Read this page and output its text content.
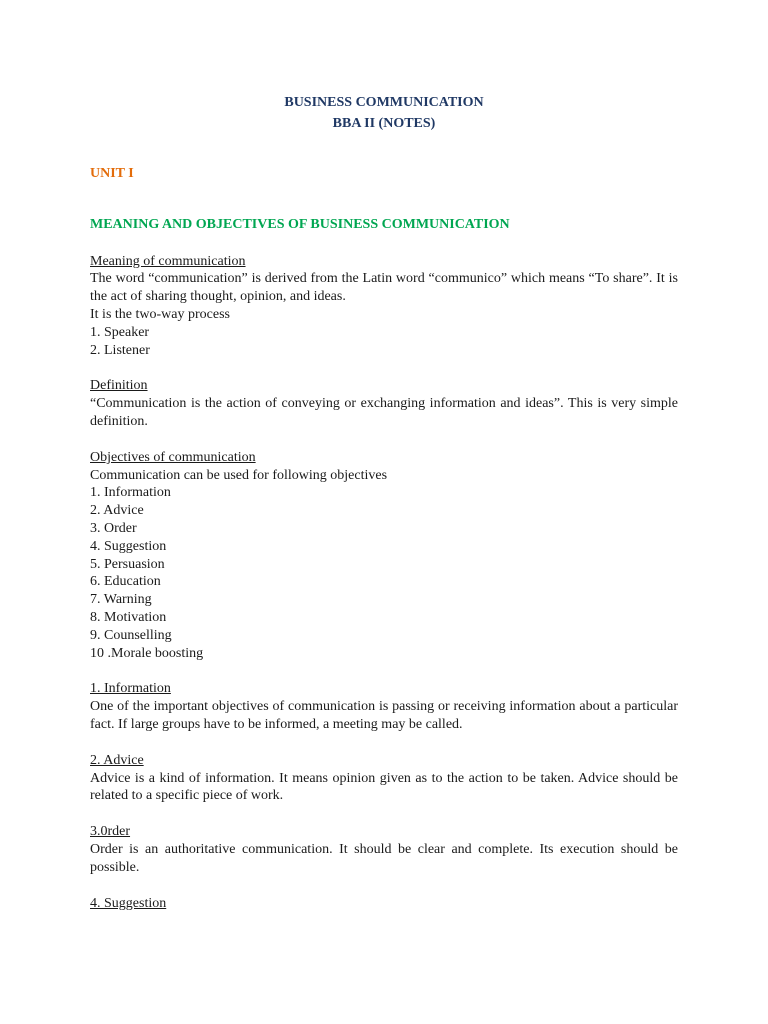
BUSINESS COMMUNICATION
BBA II (NOTES)
UNIT I
MEANING AND OBJECTIVES OF BUSINESS COMMUNICATION
Meaning of communication

The word “communication” is derived from the Latin word “communico” which means “To share”. It is the act of sharing thought, opinion, and ideas.

It is the two-way process
1. Speaker
2. Listener
Definition

“Communication is the action of conveying or exchanging information and ideas”. This is very simple definition.

Objectives of communication
Communication can be used for following objectives
1. Information
2. Advice
3. Order
4. Suggestion
5. Persuasion
6. Education
7. Warning
8. Motivation
9. Counselling
10 .Morale boosting
1. Information

One of the important objectives of communication is passing or receiving information about a particular fact. If large groups have to be informed, a meeting may be called.

2. Advice

Advice is a kind of information. It means opinion given as to the action to be taken. Advice should be related to a specific piece of work.

3.0rder

Order is an authoritative communication. It should be clear and complete. Its execution should be possible.

4. Suggestion
